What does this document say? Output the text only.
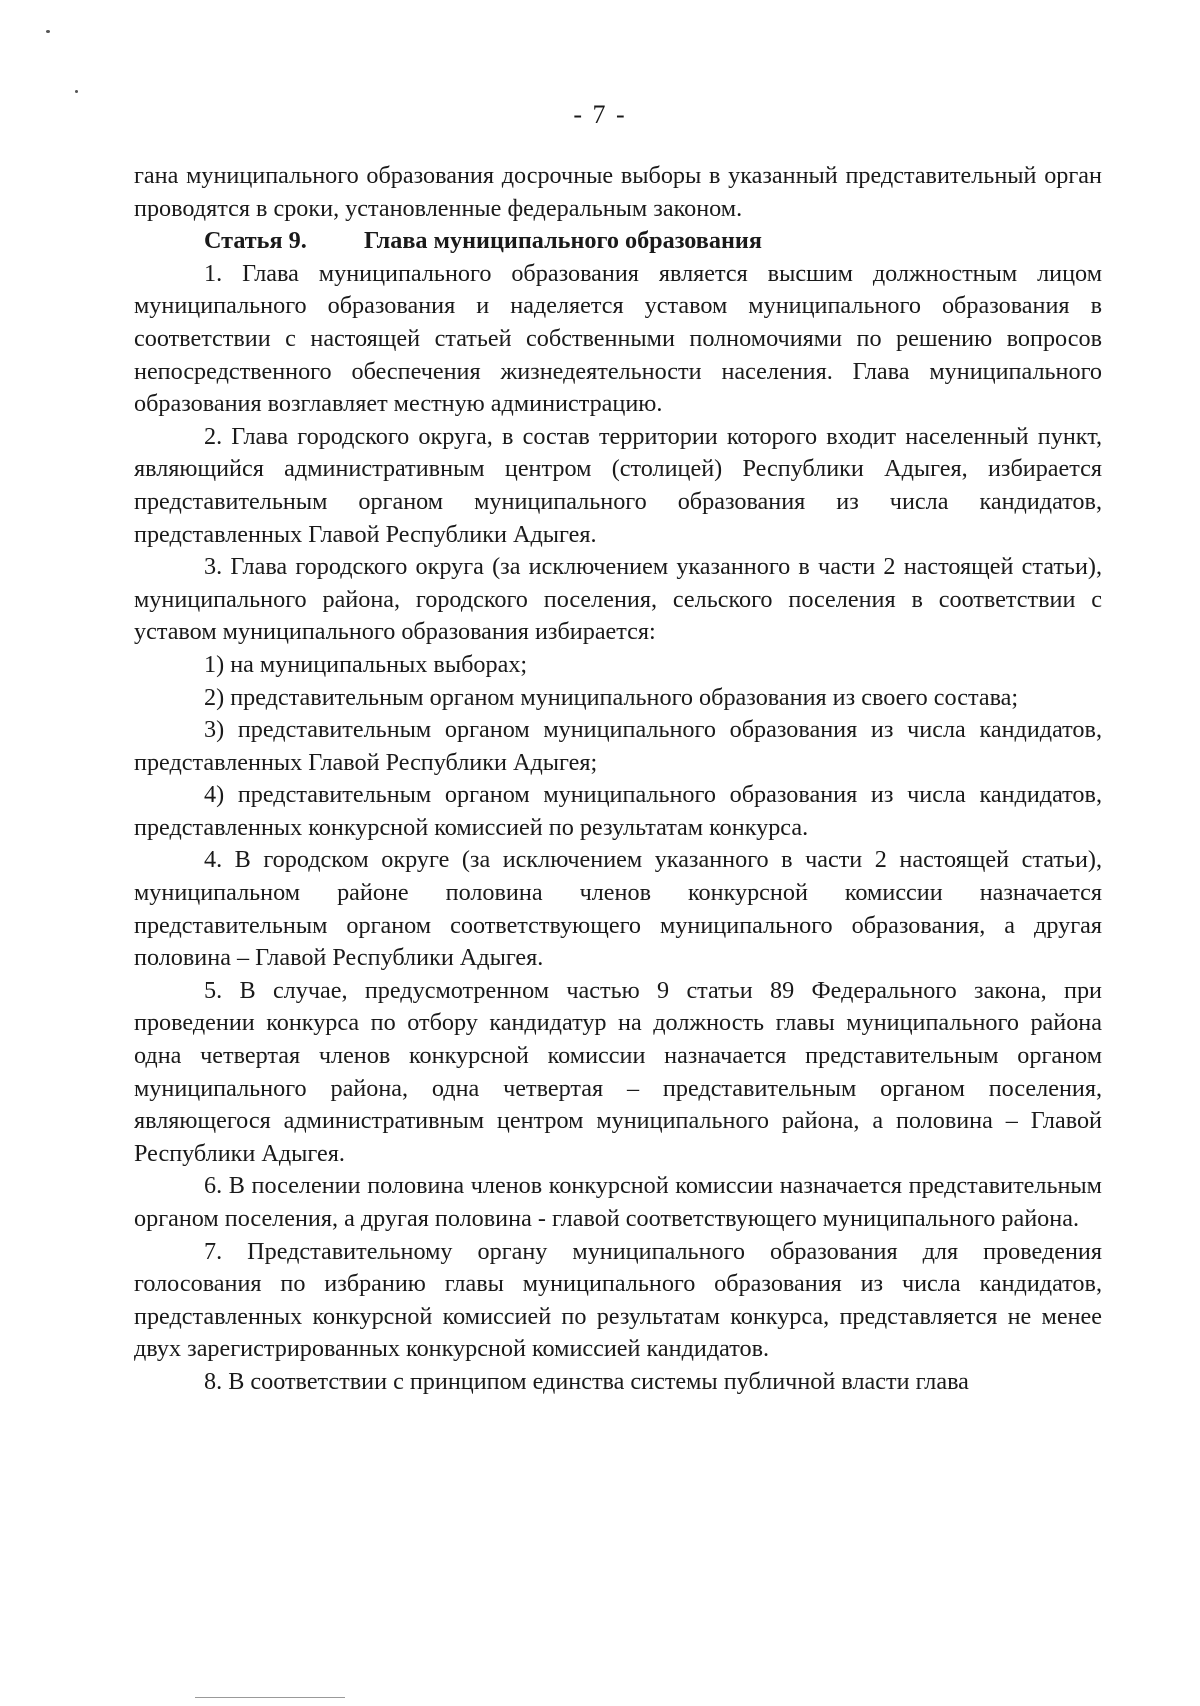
- 7 -

гана муниципального образования досрочные выборы в указанный представительный орган проводятся в сроки, установленные федеральным законом.

Статья 9. Глава муниципального образования

1. Глава муниципального образования является высшим должностным лицом муниципального образования и наделяется уставом муниципального образования в соответствии с настоящей статьей собственными полномочиями по решению вопросов непосредственного обеспечения жизнедеятельности населения. Глава муниципального образования возглавляет местную администрацию.

2. Глава городского округа, в состав территории которого входит населенный пункт, являющийся административным центром (столицей) Республики Адыгея, избирается представительным органом муниципального образования из числа кандидатов, представленных Главой Республики Адыгея.

3. Глава городского округа (за исключением указанного в части 2 настоящей статьи), муниципального района, городского поселения, сельского поселения в соответствии с уставом муниципального образования избирается:

1) на муниципальных выборах;

2) представительным органом муниципального образования из своего состава;

3) представительным органом муниципального образования из числа кандидатов, представленных Главой Республики Адыгея;

4) представительным органом муниципального образования из числа кандидатов, представленных конкурсной комиссией по результатам конкурса.

4. В городском округе (за исключением указанного в части 2 настоящей статьи), муниципальном районе половина членов конкурсной комиссии назначается представительным органом соответствующего муниципального образования, а другая половина – Главой Республики Адыгея.

5. В случае, предусмотренном частью 9 статьи 89 Федерального закона, при проведении конкурса по отбору кандидатур на должность главы муниципального района одна четвертая членов конкурсной комиссии назначается представительным органом муниципального района, одна четвертая – представительным органом поселения, являющегося административным центром муниципального района, а половина – Главой Республики Адыгея.

6. В поселении половина членов конкурсной комиссии назначается представительным органом поселения, а другая половина - главой соответствующего муниципального района.

7. Представительному органу муниципального образования для проведения голосования по избранию главы муниципального образования из числа кандидатов, представленных конкурсной комиссией по результатам конкурса, представляется не менее двух зарегистрированных конкурсной комиссией кандидатов.

8. В соответствии с принципом единства системы публичной власти глава
